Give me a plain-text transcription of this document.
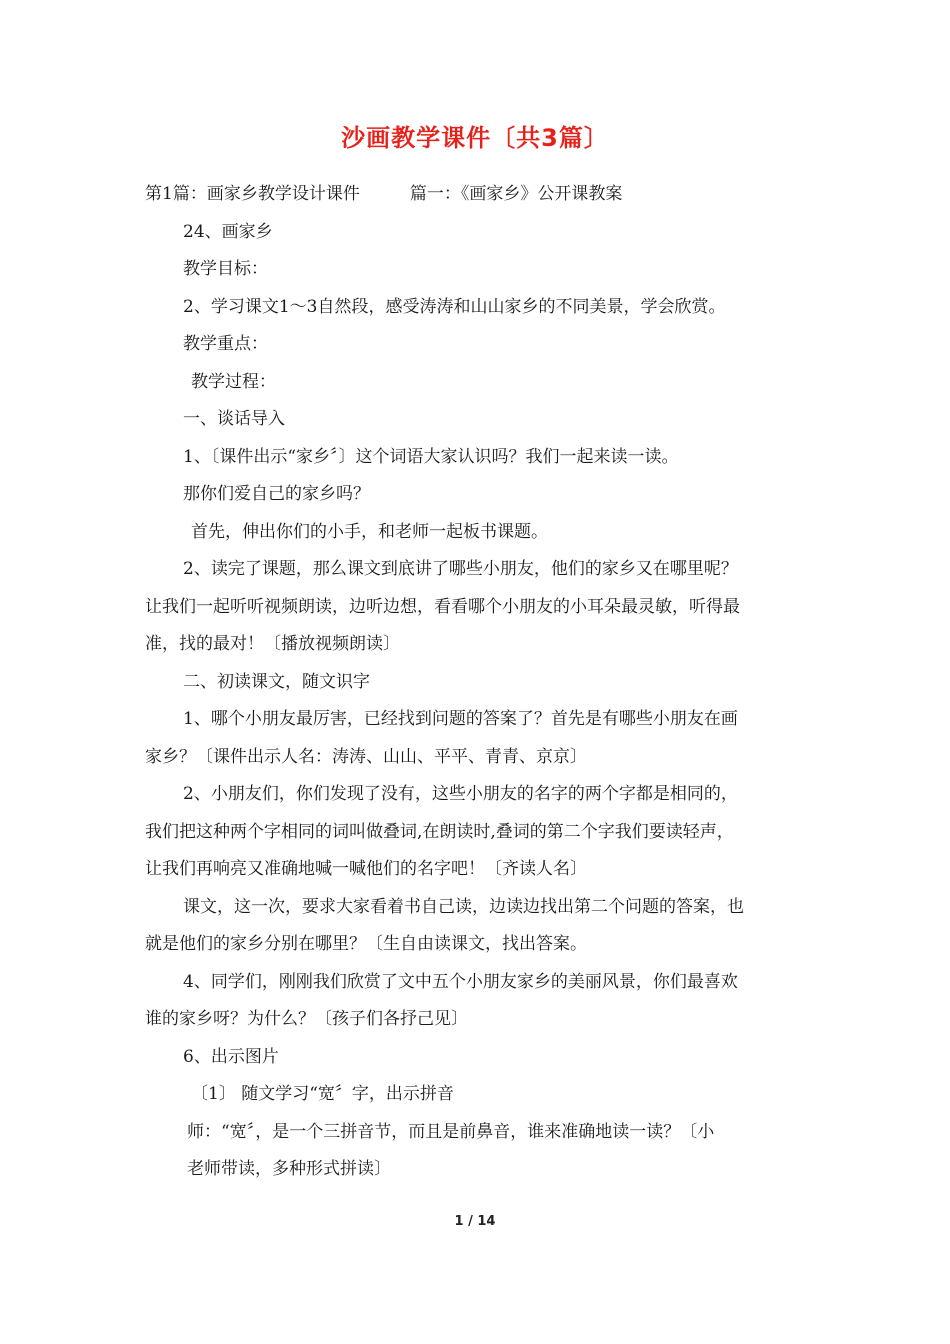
沙画教学课件〔共3篇〕
第1篇：画家乡教学设计课件	篇一：《画家乡》公开课教案
24、画家乡
教学目标：
2、学习课文1～3自然段，感受涛涛和山山家乡的不同美景，学会欣赏。
教学重点：
教学过程：
一、谈话导入
1、〔课件出示“家乡〞〕这个词语大家认识吗？我们一起来读一读。
那你们爱自己的家乡吗？
首先，伸出你们的小手，和老师一起板书课题。
2、读完了课题，那么课文到底讲了哪些小朋友，他们的家乡又在哪里呢？
让我们一起听听视频朗读，边听边想，看看哪个小朋友的小耳朵最灵敏，听得最
准，找的最对！〔播放视频朗读〕
二、初读课文，随文识字
1、哪个小朋友最厉害，已经找到问题的答案了？首先是有哪些小朋友在画
家乡？〔课件出示人名：涛涛、山山、平平、青青、京京〕
2、小朋友们，你们发现了没有，这些小朋友的名字的两个字都是相同的，
我们把这种两个字相同的词叫做叠词,在朗读时,叠词的第二个字我们要读轻声，
让我们再响亮又准确地喊一喊他们的名字吧！〔齐读人名〕
课文，这一次，要求大家看着书自己读，边读边找出第二个问题的答案，也
就是他们的家乡分别在哪里？〔生自由读课文，找出答案。
4、同学们，刚刚我们欣赏了文中五个小朋友家乡的美丽风景，你们最喜欢
谁的家乡呀？为什么？〔孩子们各抒己见〕
6、出示图片
〔1〕 随文学习“宽〞字，出示拼音
师：“宽〞，是一个三拼音节，而且是前鼻音，谁来准确地读一读？〔小
老师带读，多种形式拼读〕
1 / 14
